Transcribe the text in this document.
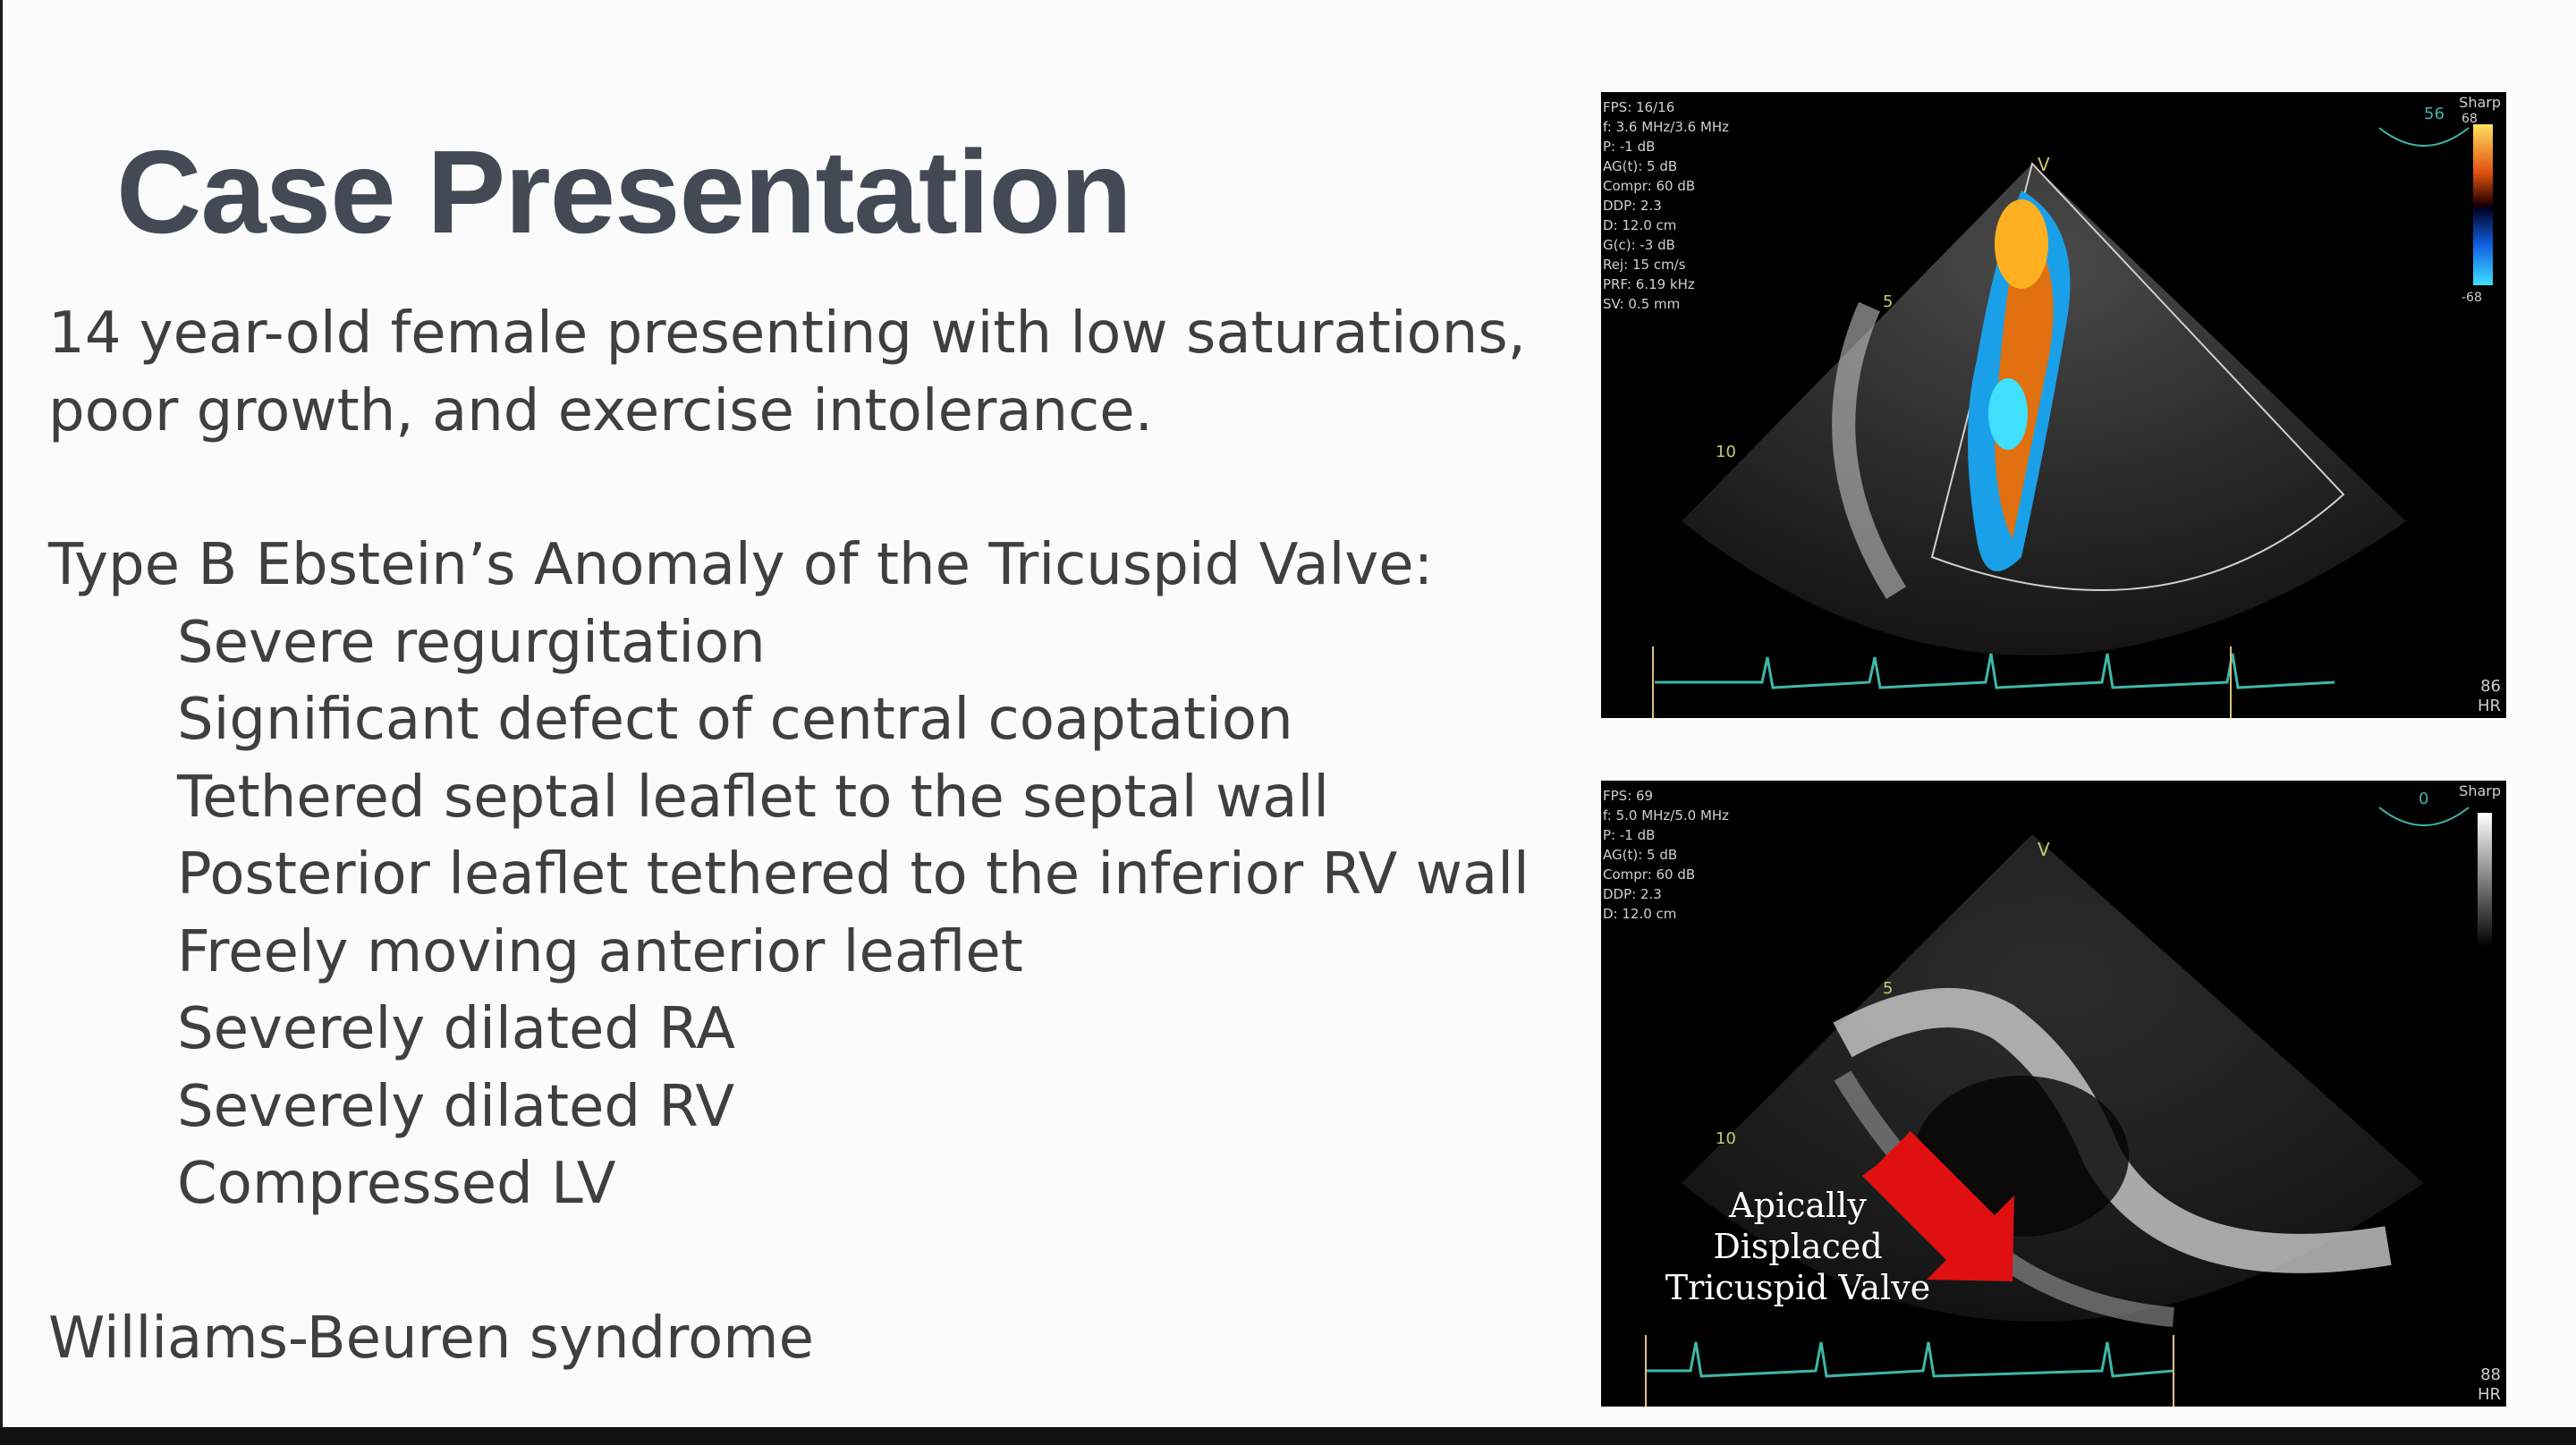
Case Presentation
14 year-old female presenting with low saturations,
poor growth, and exercise intolerance.
Type B Ebstein’s Anomaly of the Tricuspid Valve:
Severe regurgitation
Significant defect of central coaptation
Tethered septal leaflet to the septal wall
Posterior leaflet tethered to the inferior RV wall
Freely moving anterior leaflet
Severely dilated RA
Severely dilated RV
Compressed LV
Williams-Beuren syndrome
56
V
5
10
68
-68
FPS: 16/16
f: 3.6 MHz/3.6 MHz
P: -1 dB
AG(t): 5 dB
Compr: 60 dB
DDP: 2.3
D: 12.0 cm
G(c): -3 dB
Rej: 15 cm/s
PRF: 6.19 kHz
SV: 0.5 mm
Sharp
86
HR
0
V
5
10
FPS: 69
f: 5.0 MHz/5.0 MHz
P: -1 dB
AG(t): 5 dB
Compr: 60 dB
DDP: 2.3
D: 12.0 cm
Sharp
Apically
Displaced
Tricuspid Valve
88
HR
